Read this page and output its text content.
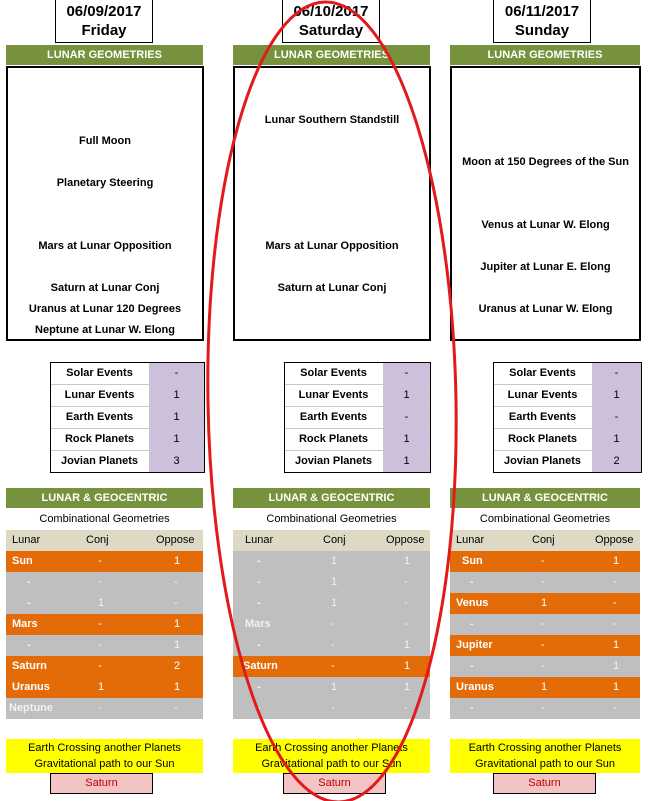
06/09/2017
Friday
LUNAR GEOMETRIES
Full Moon
Planetary Steering
Mars at Lunar Opposition
Saturn at Lunar Conj
Uranus at Lunar 120 Degrees
Neptune at Lunar W. Elong
Solar Events	-
Lunar Events	1
Earth Events	1
Rock Planets	1
Jovian Planets	3
LUNAR & GEOCENTRIC
Combinational Geometries
Lunar	Conj	Oppose
Sun	-	1
-	-	-
-	1	-
Mars	-	1
-	-	1
Saturn	-	2
Uranus	1	1
Neptune	-	-
Earth Crossing another Planets
Gravitational path to our Sun
Saturn
06/10/2017
Saturday
LUNAR GEOMETRIES
Lunar Southern Standstill
Mars at Lunar Opposition
Saturn at Lunar Conj
Solar Events	-
Lunar Events	1
Earth Events	-
Rock Planets	1
Jovian Planets	1
LUNAR & GEOCENTRIC
Combinational Geometries
Lunar	Conj	Oppose
-	1	1
-	1	-
-	1	-
Mars	-	-
-	-	1
Saturn	-	1
-	1	1
-	-	-
Earth Crossing another Planets
Gravitational path to our Sun
Saturn
06/11/2017
Sunday
LUNAR GEOMETRIES
Moon at 150 Degrees of the Sun
Venus at Lunar W. Elong
Jupiter at Lunar E. Elong
Uranus at Lunar W. Elong
Solar Events	-
Lunar Events	1
Earth Events	-
Rock Planets	1
Jovian Planets	2
LUNAR & GEOCENTRIC
Combinational Geometries
Lunar	Conj	Oppose
Sun	-	1
-	-	-
Venus	1	-
-	-	-
Jupiter	-	1
-	-	1
Uranus	1	1
-	-	-
Earth Crossing another Planets
Gravitational path to our Sun
Saturn
